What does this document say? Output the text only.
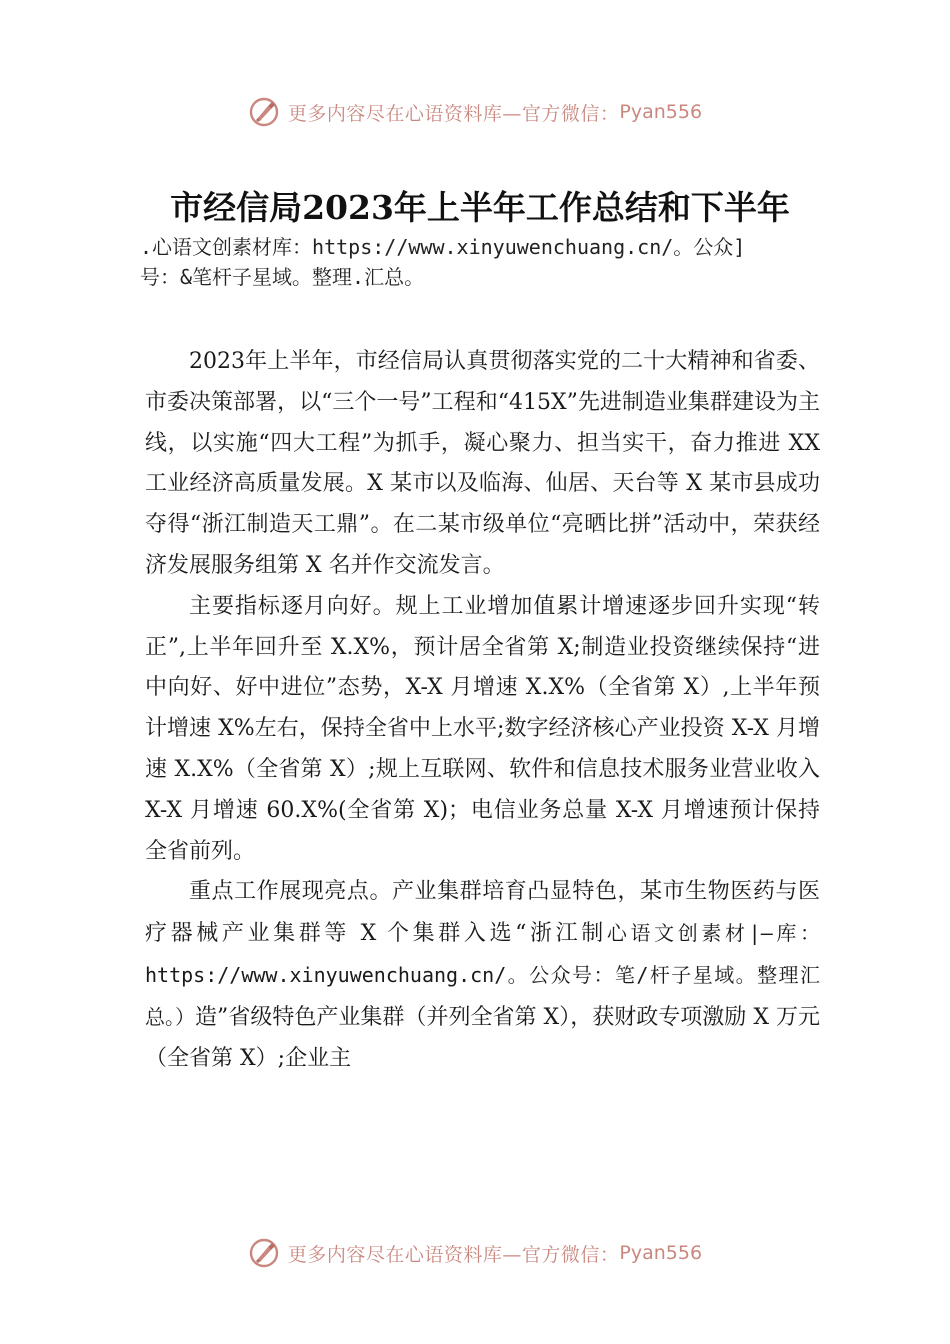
更多内容尽在心语资料库—官方微信： Pyan556
市经信局2023年上半年工作总结和下半年
.心语文创素材库：https://www.xinyuwenchuang.cn/。公众]
号：&笔杆子星域。整理.汇总。

2023年上半年，市经信局认真贯彻落实党的二十大精神和省委、市委决策部署，以“三个一号”工程和“415X”先进制造业集群建设为主线，以实施“四大工程”为抓手，凝心聚力、担当实干，奋力推进 XX 工业经济高质量发展。X 某市以及临海、仙居、天台等 X 某市县成功夺得“浙江制造天工鼎”。在二某市级单位“亮晒比拼”活动中，荣获经济发展服务组第 X 名并作交流发言。

主要指标逐月向好。规上工业增加值累计增速逐步回升实现“转正”,上半年回升至 X.X%，预计居全省第 X;制造业投资继续保持“进中向好、好中进位”态势，X-X 月增速 X.X%（全省第 X）,上半年预计增速 X%左右，保持全省中上水平;数字经济核心产业投资 X-X 月增速 X.X%（全省第 X）;规上互联网、软件和信息技术服务业营业收入 X-X 月增速 60.X%(全省第 X)；电信业务总量 X-X 月增速预计保持全省前列。

重点工作展现亮点。产业集群培育凸显特色，某市生物医药与医疗器械产业集群等 X 个集群入选“浙江制心语文创素材|—库：https://www.xinyuwenchuang.cn/。公众号：笔/杆子星域。整理汇总。）造”省级特色产业集群（并列全省第 X），获财政专项激励 X 万元（全省第 X）;企业主

更多内容尽在心语资料库—官方微信： Pyan556
